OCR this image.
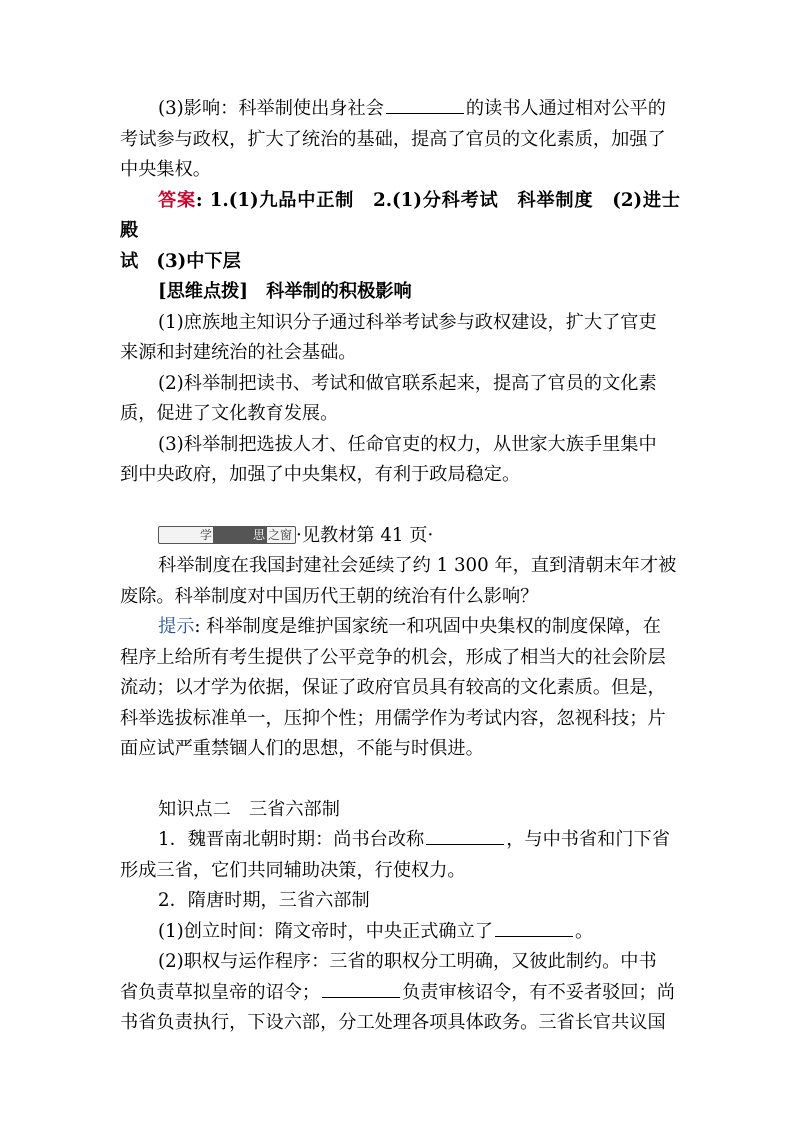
(3)影响：科举制使出身社会	的读书人通过相对公平的
考试参与政权，扩大了统治的基础，提高了官员的文化素质，加强了
中央集权。

答案: 1.(1)九品中正制　2.(1)分科考试　科举制度　(2)进士　殿
试　(3)中下层

[思维点拨]　科举制的积极影响

(1)庶族地主知识分子通过科举考试参与政权建设，扩大了官吏
来源和封建统治的社会基础。

(2)科举制把读书、考试和做官联系起来，提高了官员的文化素
质，促进了文化教育发展。

(3)科举制把选拔人才、任命官吏的权力，从世家大族手里集中
到中央政府，加强了中央集权，有利于政局稳定。

学	思 之窗 ·见教材第 41 页·

科举制度在我国封建社会延续了约 1 300 年，直到清朝末年才被
废除。科举制度对中国历代王朝的统治有什么影响？

提示: 科举制度是维护国家统一和巩固中央集权的制度保障，在
程序上给所有考生提供了公平竞争的机会，形成了相当大的社会阶层
流动；以才学为依据，保证了政府官员具有较高的文化素质。但是，
科举选拔标准单一，压抑个性；用儒学作为考试内容，忽视科技；片
面应试严重禁锢人们的思想，不能与时俱进。

知识点二　三省六部制

1．魏晋南北朝时期：尚书台改称	，与中书省和门下省
形成三省，它们共同辅助决策，行使权力。

2．隋唐时期，三省六部制

(1)创立时间：隋文帝时，中央正式确立了	。

(2)职权与运作程序：三省的职权分工明确，又彼此制约。中书
省负责草拟皇帝的诏令；	负责审核诏令，有不妥者驳回；尚
书省负责执行，下设六部，分工处理各项具体政务。三省长官共议国
